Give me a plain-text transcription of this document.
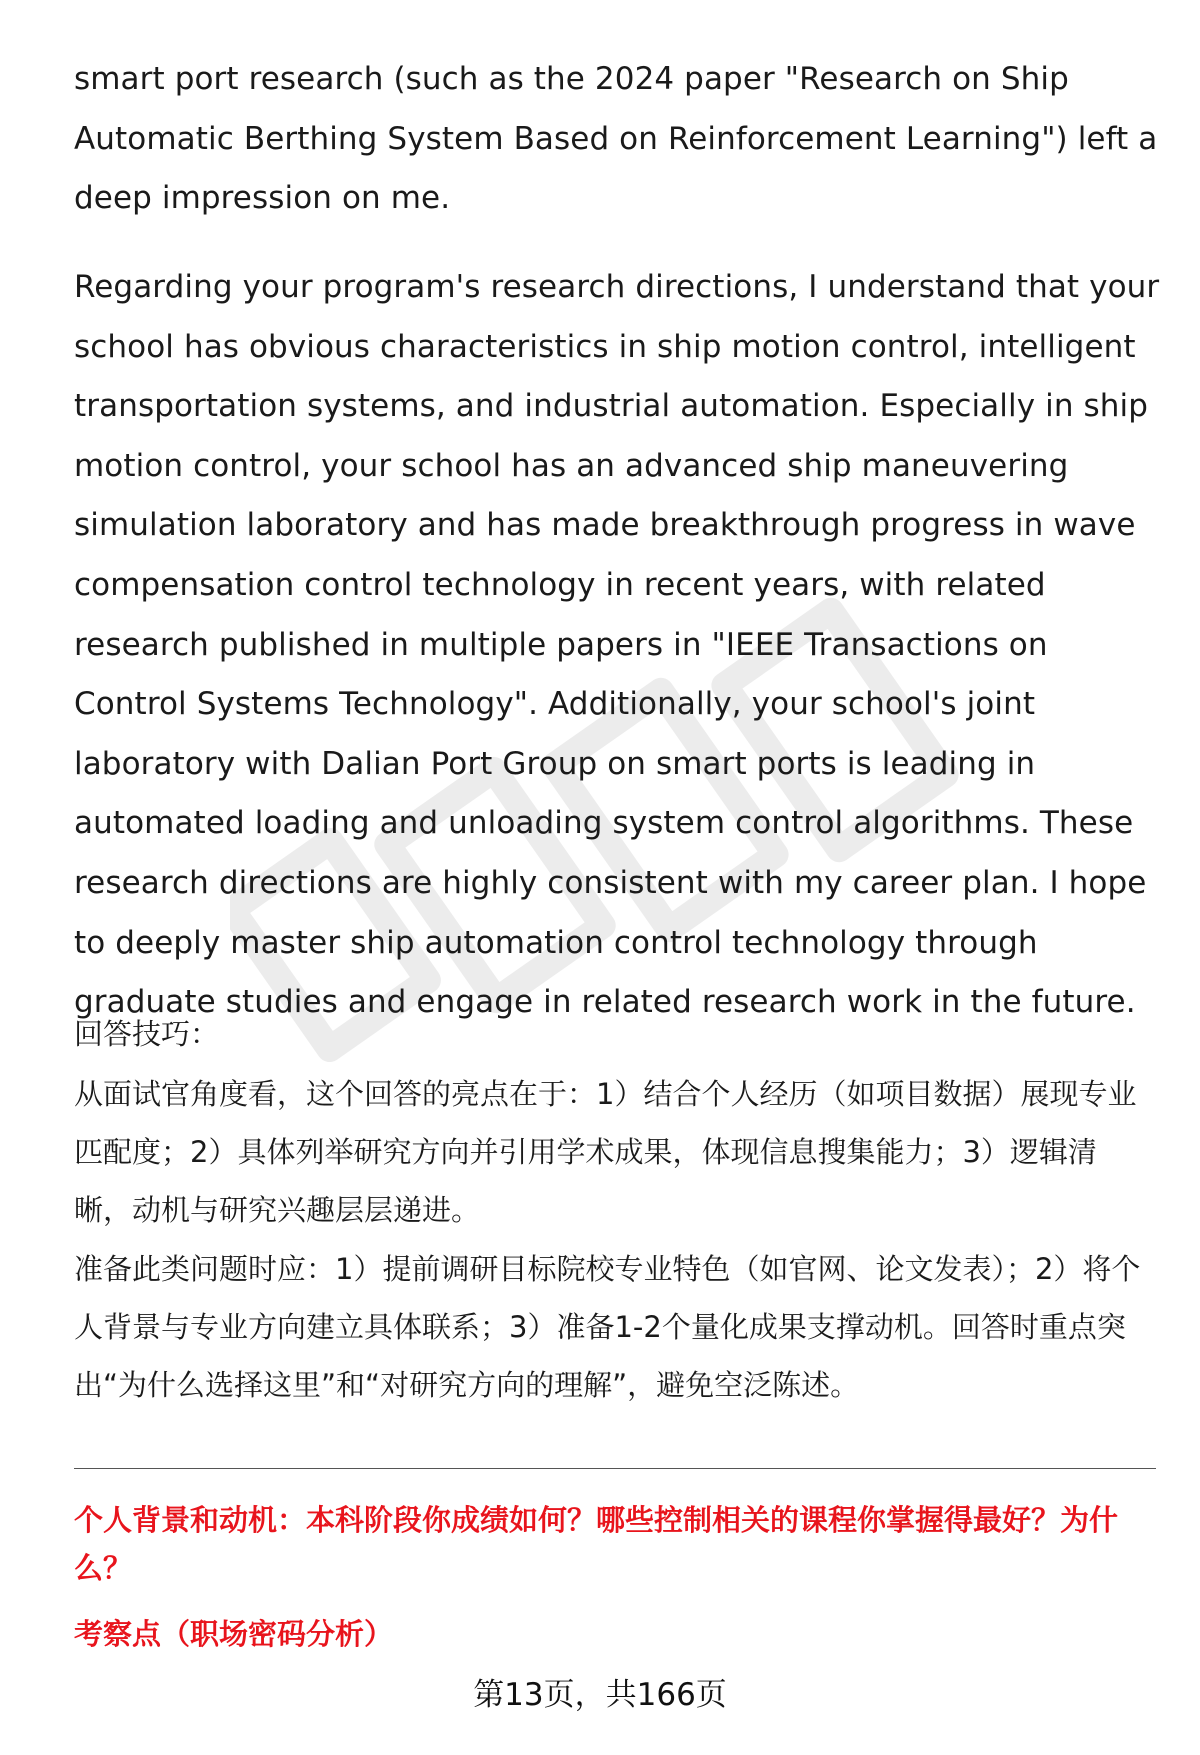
smart port research (such as the 2024 paper "Research on Ship Automatic Berthing System Based on Reinforcement Learning") left a deep impression on me.

Regarding your program's research directions, I understand that your school has obvious characteristics in ship motion control, intelligent transportation systems, and industrial automation. Especially in ship motion control, your school has an advanced ship maneuvering simulation laboratory and has made breakthrough progress in wave compensation control technology in recent years, with related research published in multiple papers in "IEEE Transactions on Control Systems Technology". Additionally, your school's joint laboratory with Dalian Port Group on smart ports is leading in automated loading and unloading system control algorithms. These research directions are highly consistent with my career plan. I hope to deeply master ship automation control technology through graduate studies and engage in related research work in the future.

回答技巧：

从面试官角度看，这个回答的亮点在于：1）结合个人经历（如项目数据）展现专业匹配度；2）具体列举研究方向并引用学术成果，体现信息搜集能力；3）逻辑清晰，动机与研究兴趣层层递进。

准备此类问题时应：1）提前调研目标院校专业特色（如官网、论文发表）；2）将个人背景与专业方向建立具体联系；3）准备1-2个量化成果支撑动机。回答时重点突出“为什么选择这里”和“对研究方向的理解”，避免空泛陈述。

个人背景和动机：本科阶段你成绩如何？哪些控制相关的课程你掌握得最好？为什么？
考察点（职场密码分析）
第13页，共166页
